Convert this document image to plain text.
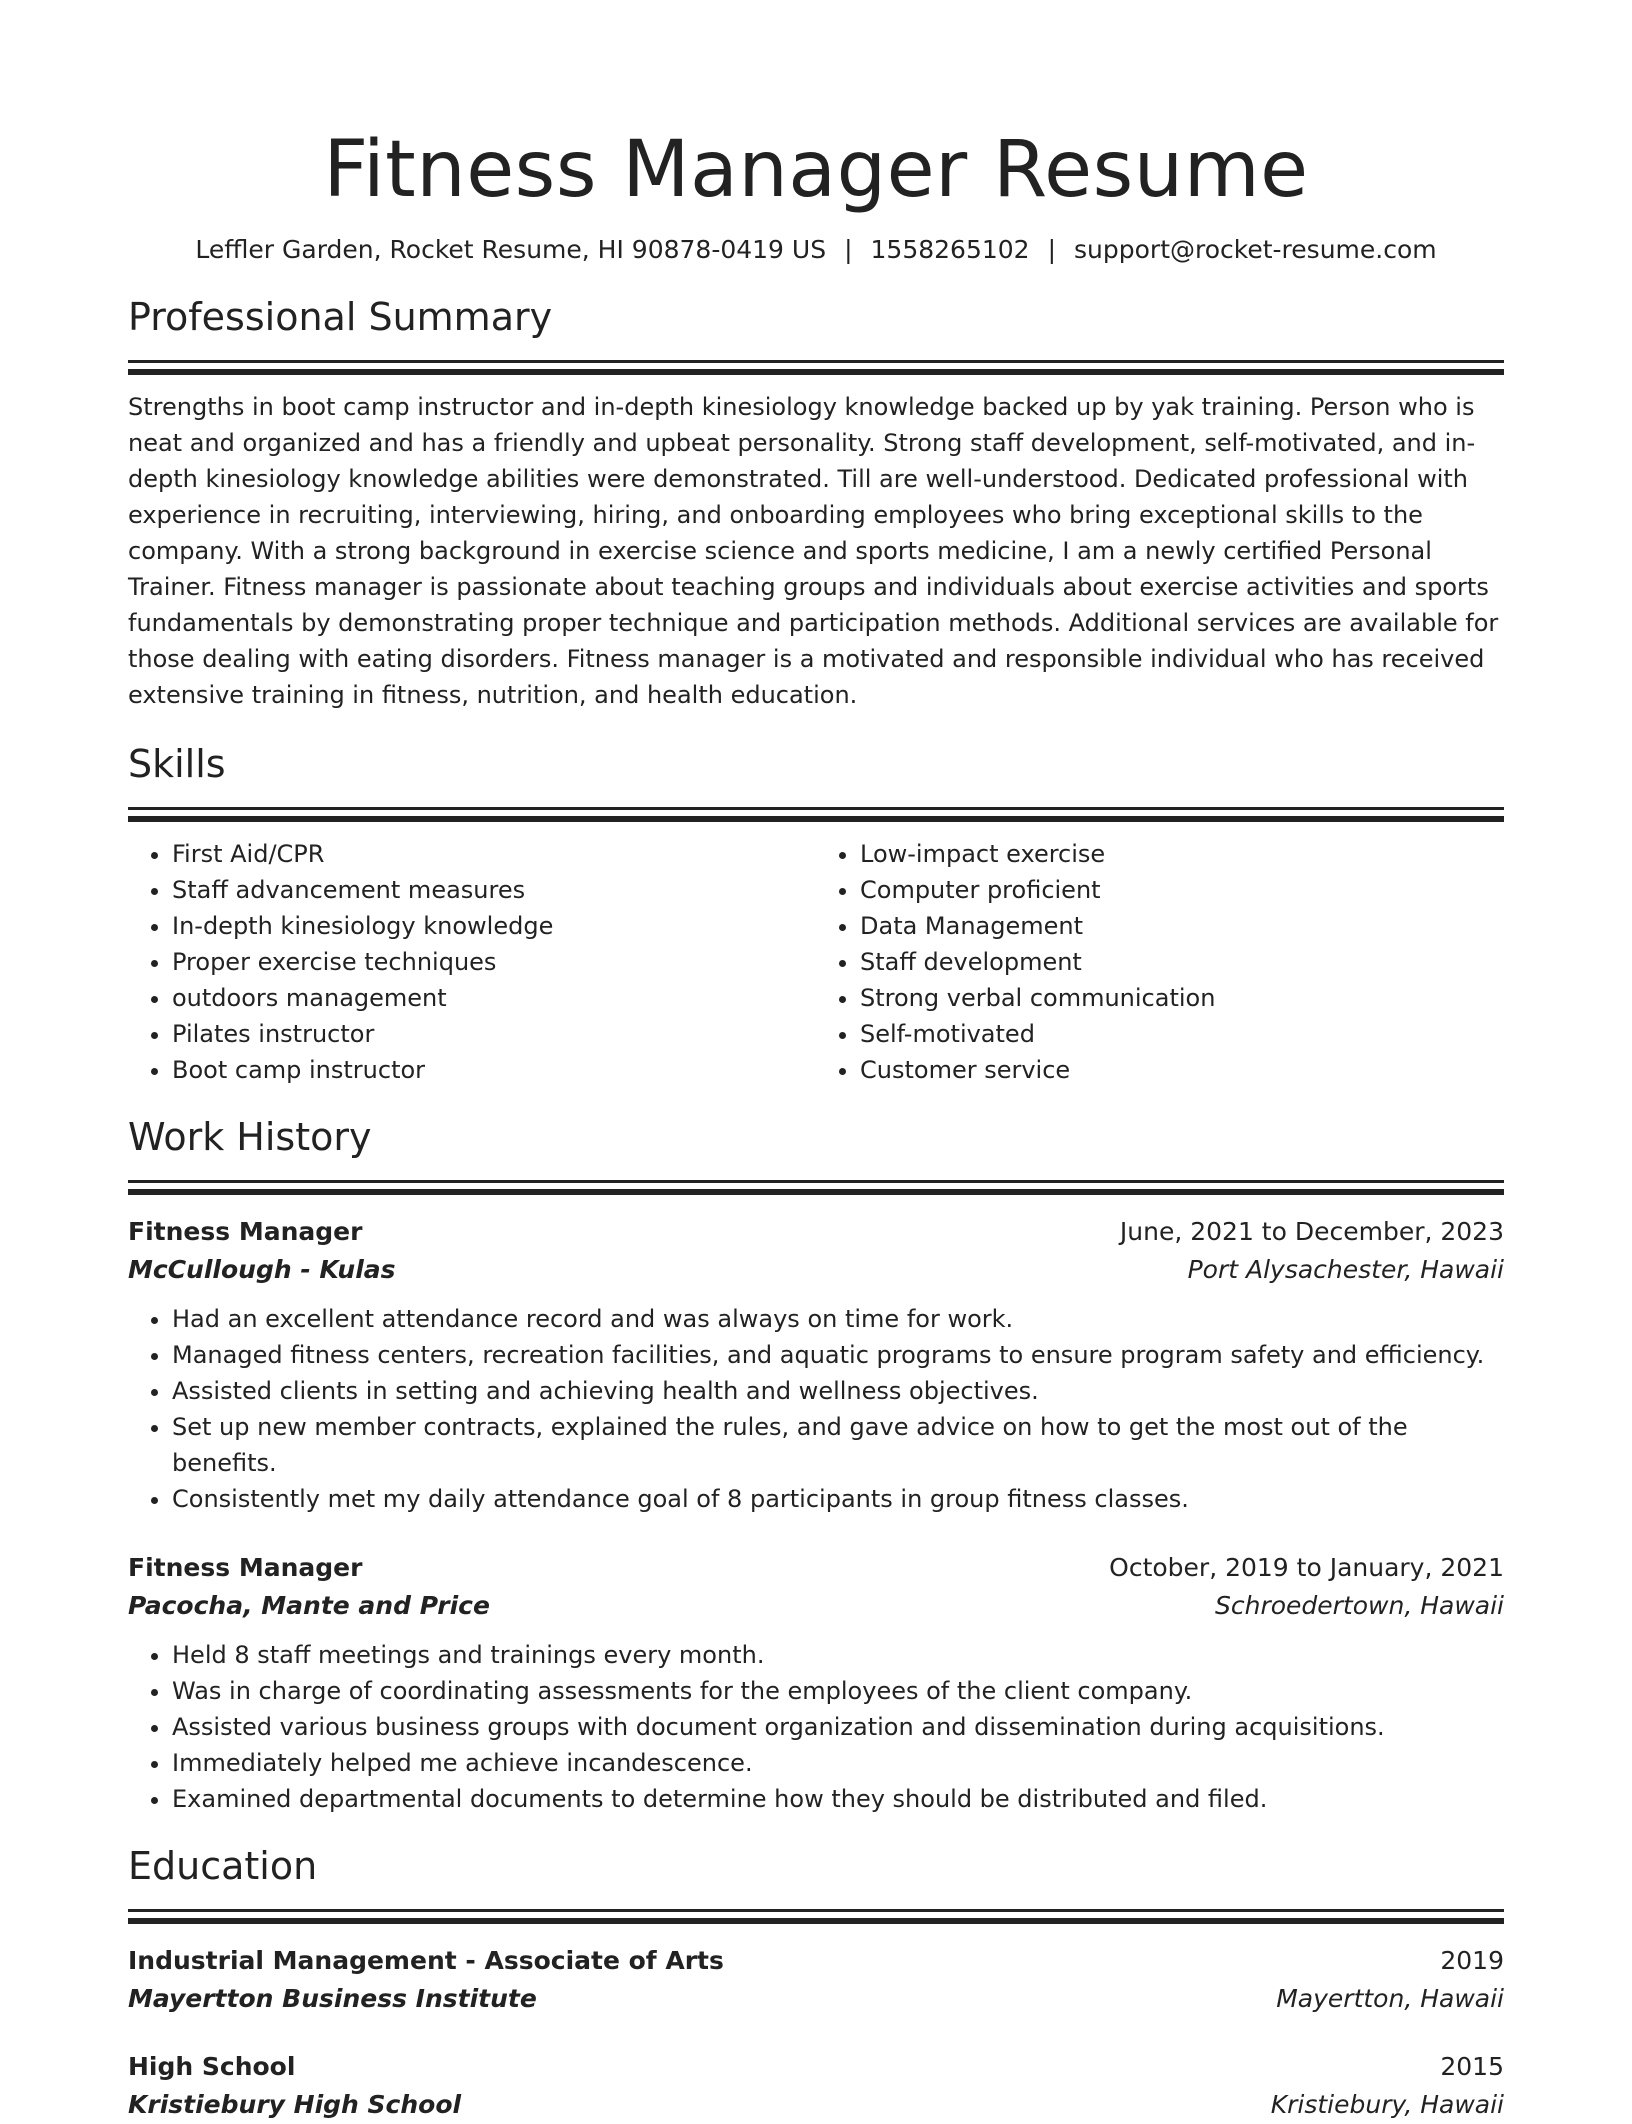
Fitness Manager Resume
Leffler Garden, Rocket Resume, HI 90878-0419 US | 1558265102 | support@rocket-resume.com
Professional Summary

Strengths in boot camp instructor and in-depth kinesiology knowledge backed up by yak training. Person who is neat and organized and has a friendly and upbeat personality. Strong staff development, self-motivated, and in-depth kinesiology knowledge abilities were demonstrated. Till are well-understood. Dedicated professional with experience in recruiting, interviewing, hiring, and onboarding employees who bring exceptional skills to the company. With a strong background in exercise science and sports medicine, I am a newly certified Personal Trainer. Fitness manager is passionate about teaching groups and individuals about exercise activities and sports fundamentals by demonstrating proper technique and participation methods. Additional services are available for those dealing with eating disorders. Fitness manager is a motivated and responsible individual who has received extensive training in fitness, nutrition, and health education.

Skills
• First Aid/CPR
• Staff advancement measures
• In-depth kinesiology knowledge
• Proper exercise techniques
• outdoors management
• Pilates instructor
• Boot camp instructor
• Low-impact exercise
• Computer proficient
• Data Management
• Staff development
• Strong verbal communication
• Self-motivated
• Customer service
Work History
Fitness Manager	June, 2021 to December, 2023
McCullough - Kulas	Port Alysachester, Hawaii
• Had an excellent attendance record and was always on time for work.
• Managed fitness centers, recreation facilities, and aquatic programs to ensure program safety and efficiency.
• Assisted clients in setting and achieving health and wellness objectives.
• Set up new member contracts, explained the rules, and gave advice on how to get the most out of the benefits.
• Consistently met my daily attendance goal of 8 participants in group fitness classes.
Fitness Manager	October, 2019 to January, 2021
Pacocha, Mante and Price	Schroedertown, Hawaii
• Held 8 staff meetings and trainings every month.
• Was in charge of coordinating assessments for the employees of the client company.
• Assisted various business groups with document organization and dissemination during acquisitions.
• Immediately helped me achieve incandescence.
• Examined departmental documents to determine how they should be distributed and filed.
Education
Industrial Management - Associate of Arts	2019
Mayertton Business Institute	Mayertton, Hawaii
High School	2015
Kristiebury High School	Kristiebury, Hawaii
